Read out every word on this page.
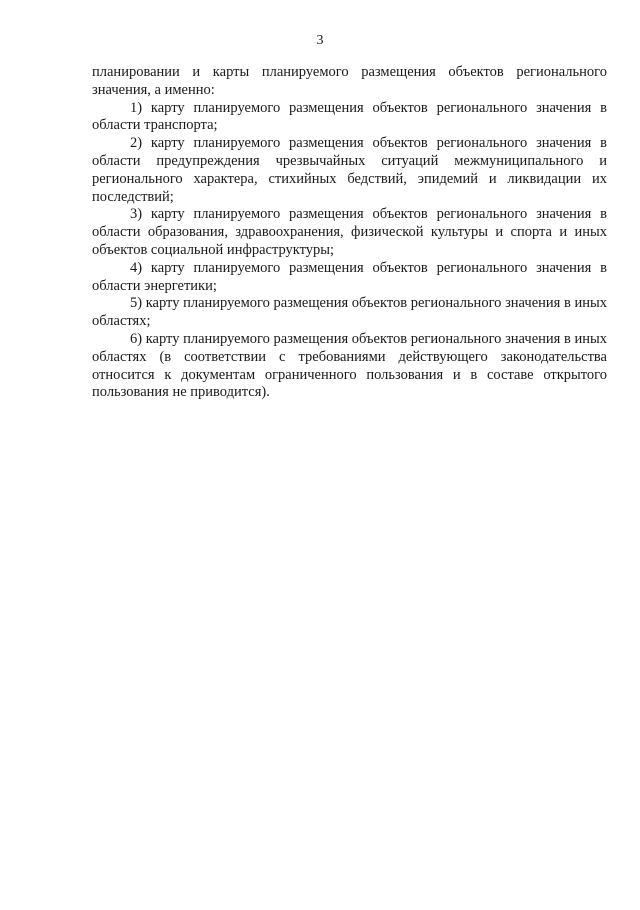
3

планировании и карты планируемого размещения объектов регионального значения, а именно:

1) карту планируемого размещения объектов регионального значения в области транспорта;

2) карту планируемого размещения объектов регионального значения в области предупреждения чрезвычайных ситуаций межмуниципального и регионального характера, стихийных бедствий, эпидемий и ликвидации их последствий;

3) карту планируемого размещения объектов регионального значения в области образования, здравоохранения, физической культуры и спорта и иных объектов социальной инфраструктуры;

4) карту планируемого размещения объектов регионального значения в области энергетики;

5) карту планируемого размещения объектов регионального значения в иных областях;

6) карту планируемого размещения объектов регионального значения в иных областях (в соответствии с требованиями действующего законодательства относится к документам ограниченного пользования и в составе открытого пользования не приводится).
